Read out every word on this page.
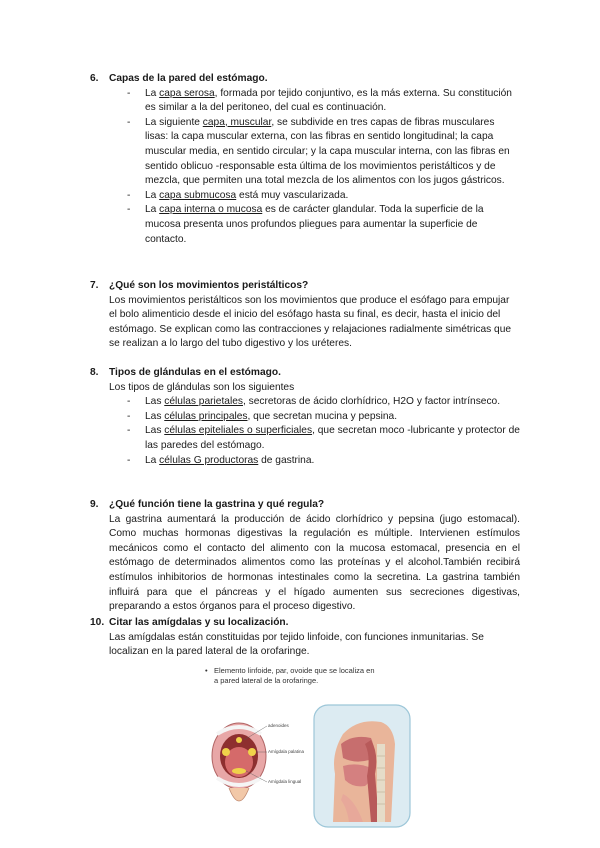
6.	Capas de la pared del estómago.
-	La capa serosa, formada por tejido conjuntivo, es la más externa. Su constitución es similar a la del peritoneo, del cual es continuación.
-	La siguiente capa, muscular, se subdivide en tres capas de fibras musculares lisas: la capa muscular externa, con las fibras en sentido longitudinal; la capa muscular media, en sentido circular; y la capa muscular interna, con las fibras en sentido oblicuo -responsable esta última de los movimientos peristálticos y de mezcla, que permiten una total mezcla de los alimentos con los jugos gástricos.
-	La capa submucosa está muy vascularizada.
-	La capa interna o mucosa es de carácter glandular. Toda la superficie de la mucosa presenta unos profundos pliegues para aumentar la superficie de contacto.
7.	¿Qué son los movimientos peristálticos?
Los movimientos peristálticos son los movimientos que produce el esófago para empujar el bolo alimenticio desde el inicio del esófago hasta su final, es decir, hasta el inicio del estómago. Se explican como las contracciones y relajaciones radialmente simétricas que se realizan a lo largo del tubo digestivo y los uréteres.
8.	Tipos de glándulas en el estómago.
Los tipos de glándulas son los siguientes
-	Las células parietales, secretoras de ácido clorhídrico, H2O y factor intrínseco.
-	Las células principales, que secretan mucina y pepsina.
-	Las células epiteliales o superficiales, que secretan moco -lubricante y protector de las paredes del estómago.
-	La células G productoras de gastrina.
9.	¿Qué función tiene la gastrina y qué regula?
La gastrina aumentará la producción de ácido clorhídrico y pepsina (jugo estomacal). Como muchas hormonas digestivas la regulación es múltiple. Intervienen estímulos mecánicos como el contacto del alimento con la mucosa estomacal, presencia en el estómago de determinados alimentos como las proteínas y el alcohol.También recibirá estímulos inhibitorios de hormonas intestinales como la secretina. La gastrina también influirá para que el páncreas y el hígado aumenten sus secreciones digestivas, preparando a estos órganos para el proceso digestivo.
10. Citar las amígdalas y su localización.
Las amígdalas están constituidas por tejido linfoide, con funciones inmunitarias. Se localizan en la pared lateral de la orofaringe.
• Elemento linfoide, par, ovoide que se localiza en
a pared lateral de la orofaringe.
adenoides
Amígdala palatina
Amígdala lingual
